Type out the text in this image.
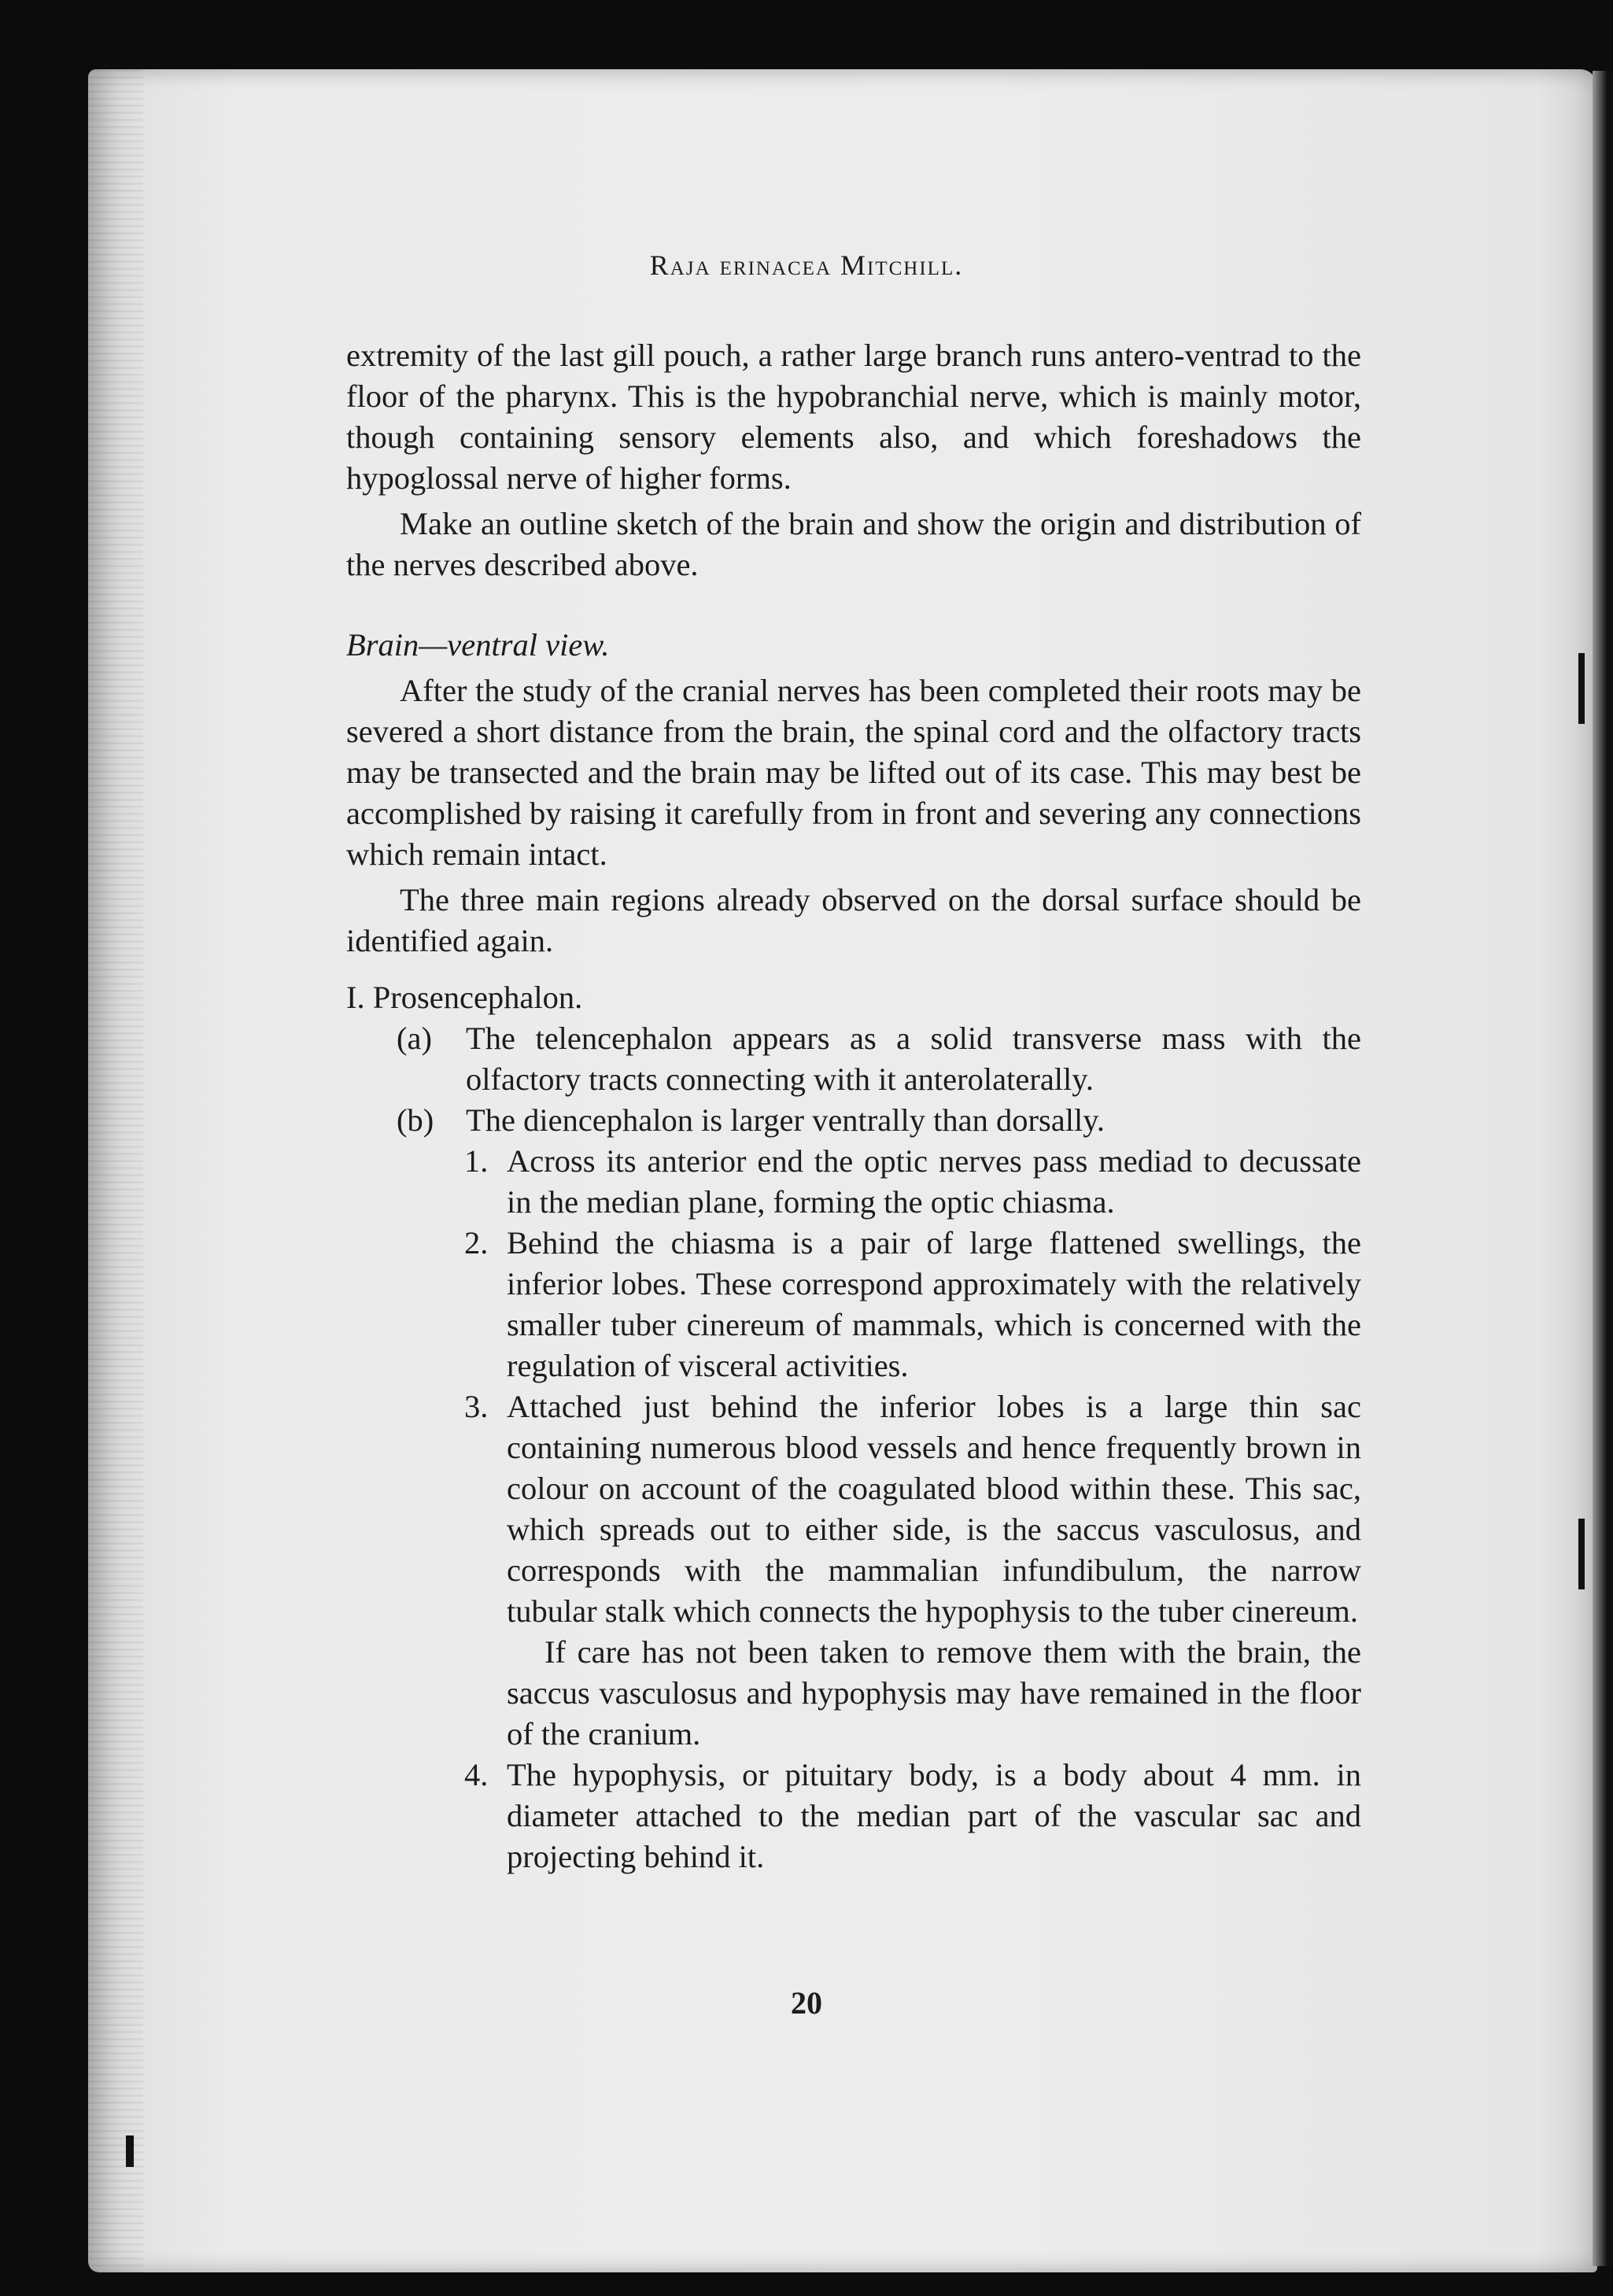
Raja erinacea Mitchill.

extremity of the last gill pouch, a rather large branch runs antero-ventrad to the floor of the pharynx. This is the hypobranchial nerve, which is mainly motor, though containing sensory elements also, and which foreshadows the hypoglossal nerve of higher forms.

Make an outline sketch of the brain and show the origin and distribution of the nerves described above.

Brain—ventral view.

After the study of the cranial nerves has been completed their roots may be severed a short distance from the brain, the spinal cord and the olfactory tracts may be transected and the brain may be lifted out of its case. This may best be accomplished by raising it carefully from in front and severing any connections which remain intact.

The three main regions already observed on the dorsal surface should be identified again.

I. Prosencephalon.

(a) The telencephalon appears as a solid transverse mass with the olfactory tracts connecting with it anterolaterally.

(b) The diencephalon is larger ventrally than dorsally.

1. Across its anterior end the optic nerves pass mediad to decussate in the median plane, forming the optic chiasma.

2. Behind the chiasma is a pair of large flattened swellings, the inferior lobes. These correspond approximately with the relatively smaller tuber cinereum of mammals, which is concerned with the regulation of visceral activities.

3. Attached just behind the inferior lobes is a large thin sac containing numerous blood vessels and hence frequently brown in colour on account of the coagulated blood within these. This sac, which spreads out to either side, is the saccus vasculosus, and corresponds with the mammalian infundibulum, the narrow tubular stalk which connects the hypophysis to the tuber cinereum.

If care has not been taken to remove them with the brain, the saccus vasculosus and hypophysis may have remained in the floor of the cranium.

4. The hypophysis, or pituitary body, is a body about 4 mm. in diameter attached to the median part of the vascular sac and projecting behind it.

20
